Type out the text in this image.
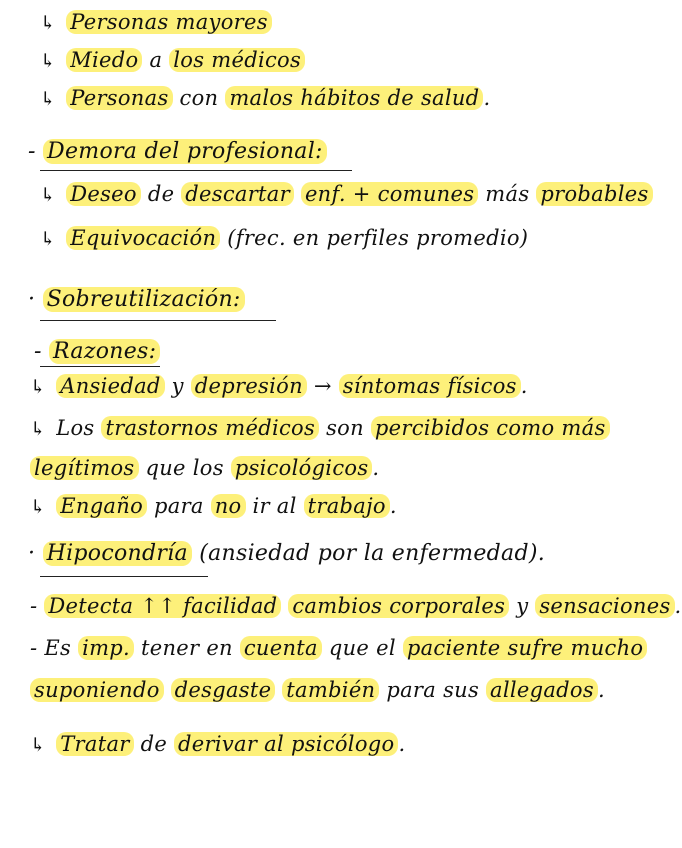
↳ Personas mayores
↳ Miedo a los médicos
↳ Personas con malos hábitos de salud .
- Demora del profesional:
↳ Deseo de descartar enf. + comunes más probables
↳ Equivocación (frec. en perfiles promedio)
· Sobreutilización:
- Razones:
↳ Ansiedad y depresión → síntomas físicos .
↳ Los trastornos médicos son percibidos como más
legítimos que los psicológicos .
↳ Engaño para no ir al trabajo .
· Hipocondría (ansiedad por la enfermedad).
- Detecta ↑↑ facilidad cambios corporales y sensaciones .
- Es imp. tener en cuenta que el paciente sufre mucho
suponiendo desgaste también para sus allegados .
↳ Tratar de derivar al psicólogo .
